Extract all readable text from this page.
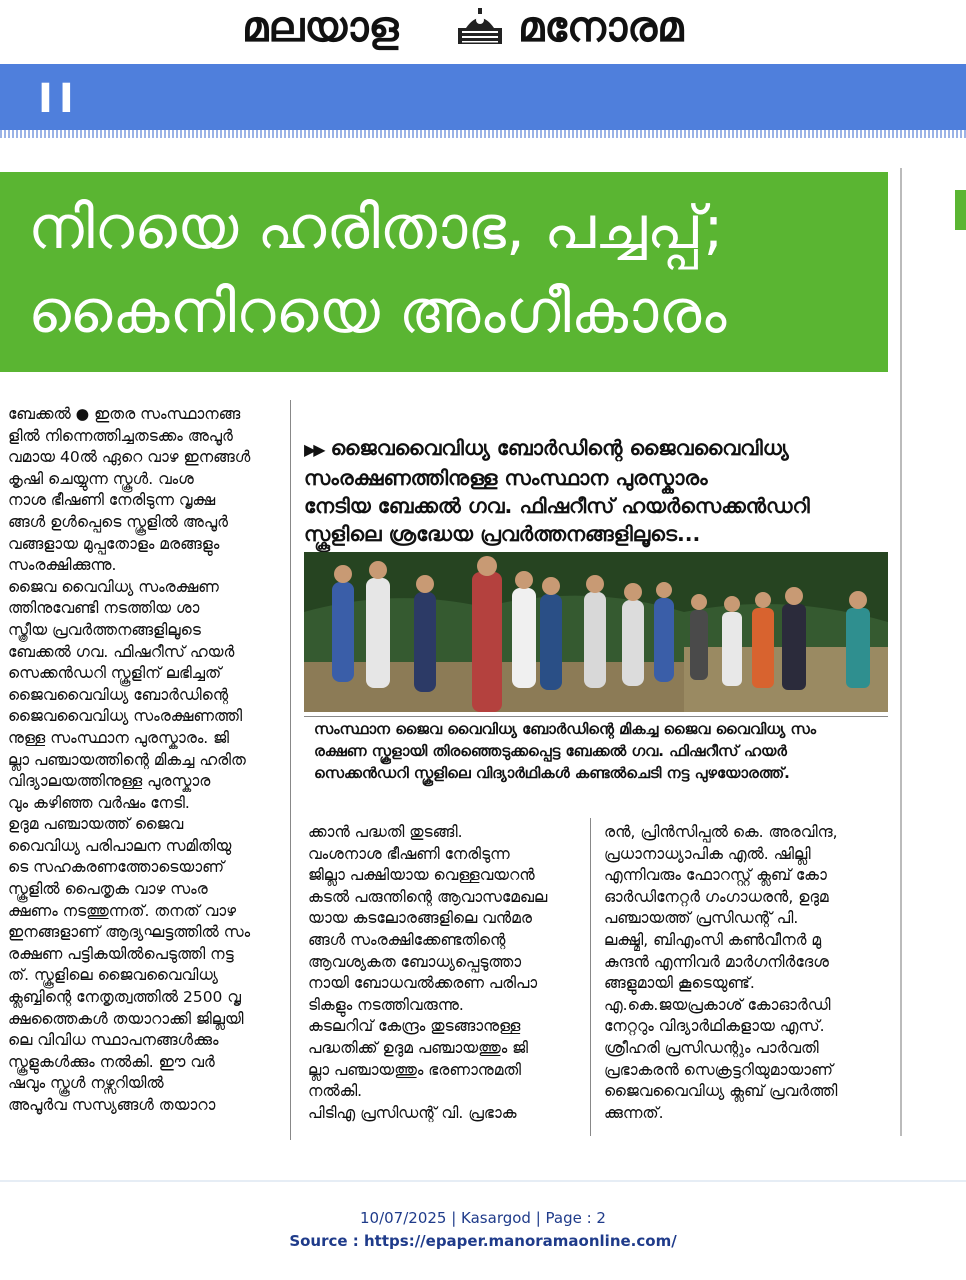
മലയാള	മനോരമ
II
നിറയെ ഹരിതാഭ, പച്ചപ്പ്;
കൈനിറയെ അംഗീകാരം
ബേക്കൽ ● ഇതര സംസ്ഥാനങ്ങ
ളിൽ നിന്നെത്തിച്ചതടക്കം അപൂർ
വമായ 40ൽ ഏറെ വാഴ ഇനങ്ങൾ
കൃഷി ചെയ്യുന്ന സ്കൂൾ. വംശ
നാശ ഭീഷണി നേരിടുന്ന വൃക്ഷ
ങ്ങൾ ഉൾപ്പെടെ സ്കൂളിൽ അപൂർ
വങ്ങളായ മുപ്പതോളം മരങ്ങളും
സംരക്ഷിക്കുന്നു.
ജൈവ വൈവിധ്യ സംരക്ഷണ
ത്തിനുവേണ്ടി നടത്തിയ ശാ
സ്ത്രീയ പ്രവർത്തനങ്ങളിലൂടെ
ബേക്കൽ ഗവ. ഫിഷറീസ് ഹയർ
സെക്കൻഡറി സ്കൂളിന് ലഭിച്ചത്
ജൈവവൈവിധ്യ ബോർഡിന്റെ
ജൈവവൈവിധ്യ സംരക്ഷണത്തി
നുള്ള സംസ്ഥാന പുരസ്കാരം. ജി
ല്ലാ പഞ്ചായത്തിന്റെ മികച്ച ഹരിത
വിദ്യാലയത്തിനുള്ള പുരസ്കാര
വും കഴിഞ്ഞ വർഷം നേടി.
ഉദുമ പഞ്ചായത്ത് ജൈവ
വൈവിധ്യ പരിപാലന സമിതിയു
ടെ സഹകരണത്തോടെയാണ്
സ്കൂളിൽ പൈതൃക വാഴ സംര
ക്ഷണം നടത്തുന്നത്. തനത് വാഴ
ഇനങ്ങളാണ് ആദ്യഘട്ടത്തിൽ സം
രക്ഷണ പട്ടികയിൽപെടുത്തി നട്ട
ത്. സ്കൂളിലെ ജൈവവൈവിധ്യ
ക്ലബ്ബിന്റെ നേതൃത്വത്തിൽ 2500 വൃ
ക്ഷത്തൈകൾ തയാറാക്കി ജില്ലയി
ലെ വിവിധ സ്ഥാപനങ്ങൾക്കും
സ്കൂളുകൾക്കും നൽകി. ഈ വർ
ഷവും സ്കൂൾ നഴ്സറിയിൽ
അപൂർവ സസ്യങ്ങൾ തയാറാ

▶▶ ജൈവവൈവിധ്യ ബോർഡിന്റെ ജൈവവൈവിധ്യ
സംരക്ഷണത്തിനുള്ള സംസ്ഥാന പുരസ്കാരം
നേടിയ ബേക്കൽ ഗവ. ഫിഷറീസ് ഹയർസെക്കൻഡറി
സ്കൂളിലെ ശ്രദ്ധേയ പ്രവർത്തനങ്ങളിലൂടെ...

സംസ്ഥാന ജൈവ വൈവിധ്യ ബോർഡിന്റെ മികച്ച ജൈവ വൈവിധ്യ സം
രക്ഷണ സ്കൂളായി തിരഞ്ഞെടുക്കപ്പെട്ട ബേക്കൽ ഗവ. ഫിഷറീസ് ഹയർ
സെക്കൻഡറി സ്കൂളിലെ വിദ്യാർഥികൾ കണ്ടൽചെടി നട്ട പുഴയോരത്ത്.
ക്കാൻ പദ്ധതി തുടങ്ങി.
വംശനാശ ഭീഷണി നേരിടുന്ന
ജില്ലാ പക്ഷിയായ വെള്ളവയറൻ
കടൽ പരുന്തിന്റെ ആവാസമേഖല
യായ കടലോരങ്ങളിലെ വൻമര
ങ്ങൾ സംരക്ഷിക്കേണ്ടതിന്റെ
ആവശ്യകത ബോധ്യപ്പെടുത്താ
നായി ബോധവൽക്കരണ പരിപാ
ടികളും നടത്തിവരുന്നു.
കടലറിവ് കേന്ദ്രം തുടങ്ങാനുള്ള
പദ്ധതിക്ക് ഉദുമ പഞ്ചായത്തും ജി
ല്ലാ പഞ്ചായത്തും ഭരണാനുമതി
നൽകി.
പിടിഎ പ്രസിഡന്റ് വി. പ്രഭാക
രൻ, പ്രിൻസിപ്പൽ കെ. അരവിന്ദ,
പ്രധാനാധ്യാപിക എൽ. ഷില്ലി
എന്നിവരും ഫോറസ്റ്റ് ക്ലബ് കോ
ഓർഡിനേറ്റർ ഗംഗാധരൻ, ഉദുമ
പഞ്ചായത്ത് പ്രസിഡന്റ് പി.
ലക്ഷ്മി, ബിഎംസി കൺവീനർ മു
കുന്ദൻ എന്നിവർ മാർഗനിർദേശ
ങ്ങളുമായി കൂടെയുണ്ട്.
എ.കെ.ജയപ്രകാശ് കോഓർഡി
നേറ്ററും വിദ്യാർഥികളായ എസ്.
ശ്രീഹരി പ്രസിഡന്റും പാർവതി
പ്രഭാകരൻ സെക്രട്ടറിയുമായാണ്
ജൈവവൈവിധ്യ ക്ലബ് പ്രവർത്തി
ക്കുന്നത്.
10/07/2025 | Kasargod | Page : 2
Source : https://epaper.manoramaonline.com/
